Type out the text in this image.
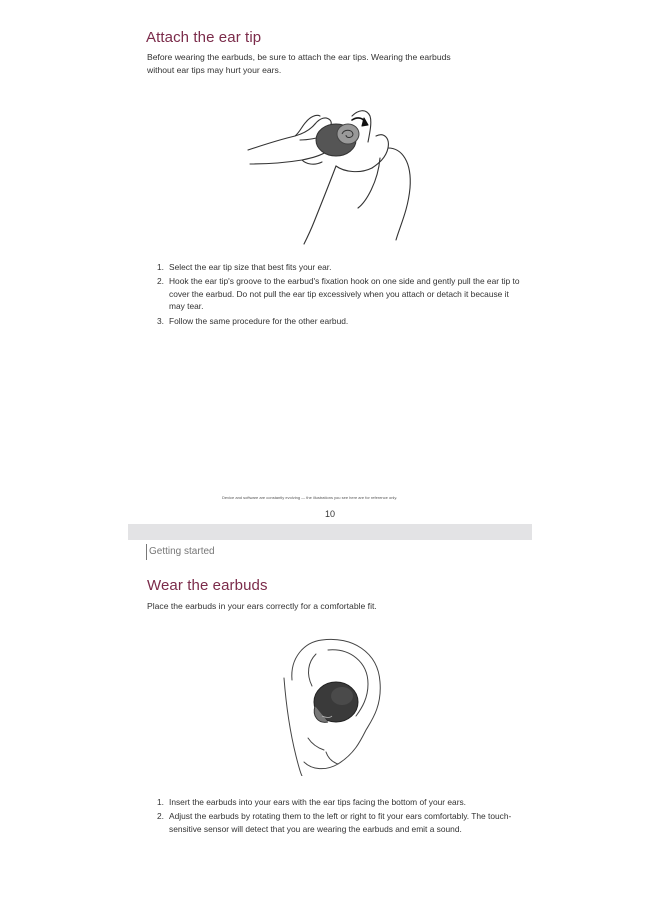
Attach the ear tip

Before wearing the earbuds, be sure to attach the ear tips. Wearing the earbuds
without ear tips may hurt your ears.

1. Select the ear tip size that best fits your ear.
2. Hook the ear tip's groove to the earbud's fixation hook on one side and gently pull the ear tip to cover the earbud. Do not pull the ear tip excessively when you attach or detach it because it may tear.
3. Follow the same procedure for the other earbud.
Device and software are constantly evolving — the illustrations you see here are for reference only.
10
Getting started
Wear the earbuds

Place the earbuds in your ears correctly for a comfortable fit.

1. Insert the earbuds into your ears with the ear tips facing the bottom of your ears.
2. Adjust the earbuds by rotating them to the left or right to fit your ears comfortably. The touch-sensitive sensor will detect that you are wearing the earbuds and emit a sound.
